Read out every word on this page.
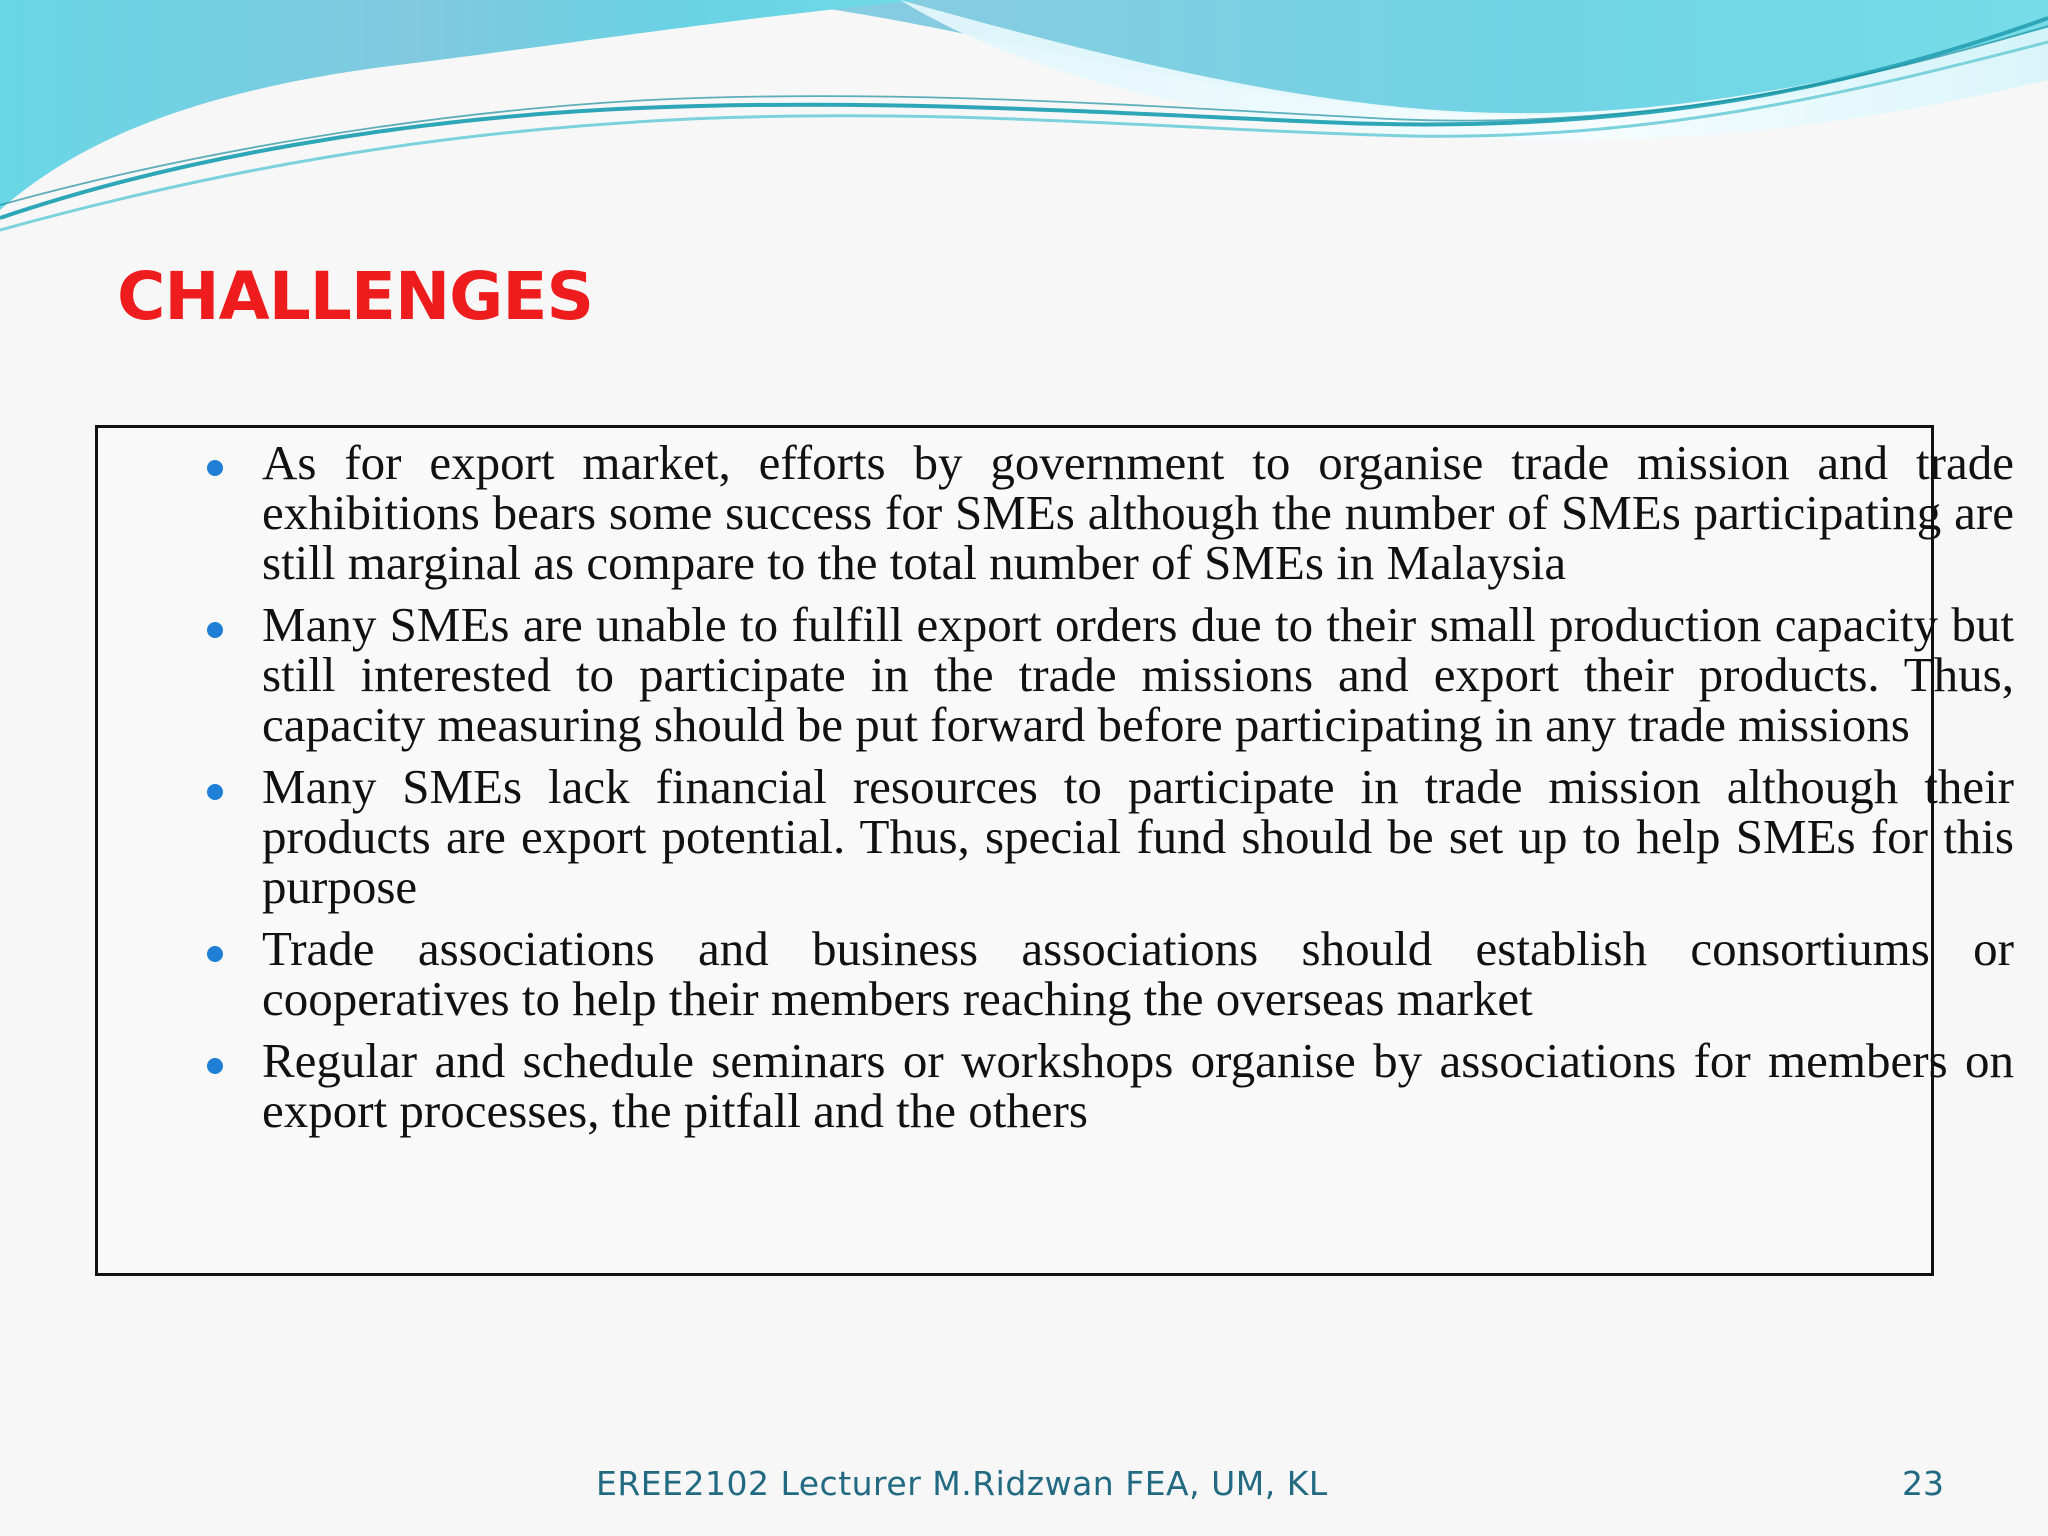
CHALLENGES
As for export market, efforts by government to organise trade mission and trade exhibitions bears some success for SMEs although the number of SMEs participating are still marginal as compare to the total number of SMEs in Malaysia
Many SMEs are unable to fulfill export orders due to their small production capacity but still interested to participate in the trade missions and export their products. Thus, capacity measuring should be put forward before participating in any trade missions
Many SMEs lack financial resources to participate in trade mission although their products are export potential. Thus, special fund should be set up to help SMEs for this purpose
Trade associations and business associations should establish consortiums or cooperatives to help their members reaching the overseas market
Regular and schedule seminars or workshops organise by associations for members on export processes, the pitfall and the others

EREE2102 Lecturer M.Ridzwan FEA, UM, KL	23
